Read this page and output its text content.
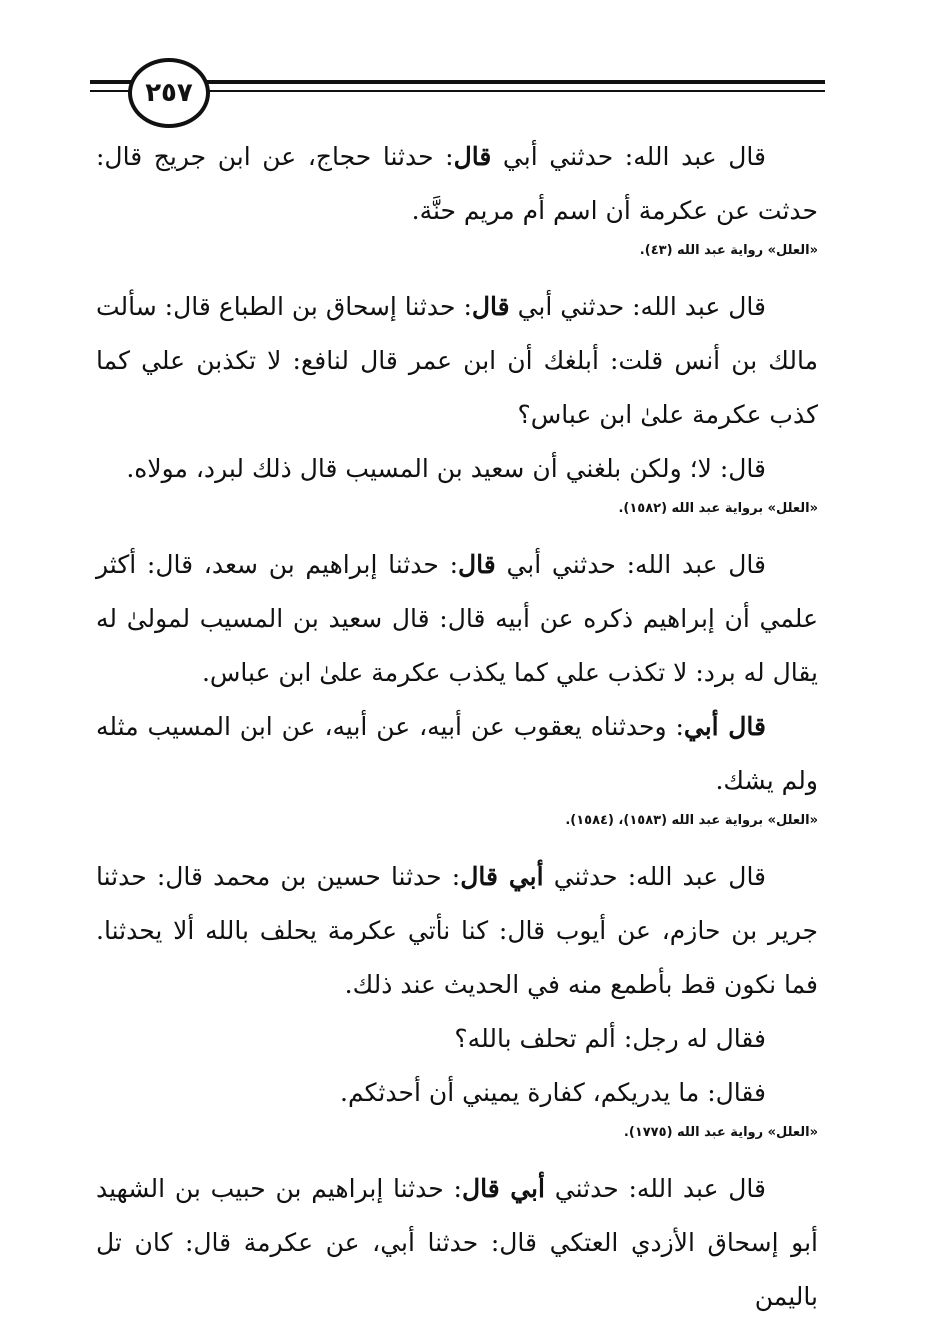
٢٥٧

قال عبد الله: حدثني أبي قال: حدثنا حجاج، عن ابن جريج قال: حدثت عن عكرمة أن اسم أم مريم حنَّة.

«العلل» رواية عبد الله (٤٣).

قال عبد الله: حدثني أبي قال: حدثنا إسحاق بن الطباع قال: سألت مالك بن أنس قلت: أبلغك أن ابن عمر قال لنافع: لا تكذبن علي كما كذب عكرمة علىٰ ابن عباس؟

قال: لا؛ ولكن بلغني أن سعيد بن المسيب قال ذلك لبرد، مولاه.

«العلل» برواية عبد الله (١٥٨٢).

قال عبد الله: حدثني أبي قال: حدثنا إبراهيم بن سعد، قال: أكثر علمي أن إبراهيم ذكره عن أبيه قال: قال سعيد بن المسيب لمولىٰ له يقال له برد: لا تكذب علي كما يكذب عكرمة علىٰ ابن عباس.

قال أبي: وحدثناه يعقوب عن أبيه، عن أبيه، عن ابن المسيب مثله ولم يشك.

«العلل» برواية عبد الله (١٥٨٣)، (١٥٨٤).

قال عبد الله: حدثني أبي قال: حدثنا حسين بن محمد قال: حدثنا جرير بن حازم، عن أيوب قال: كنا نأتي عكرمة يحلف بالله ألا يحدثنا. فما نكون قط بأطمع منه في الحديث عند ذلك.

فقال له رجل: ألم تحلف بالله؟

فقال: ما يدريكم، كفارة يميني أن أحدثكم.

«العلل» رواية عبد الله (١٧٧٥).

قال عبد الله: حدثني أبي قال: حدثنا إبراهيم بن حبيب بن الشهيد أبو إسحاق الأزدي العتكي قال: حدثنا أبي، عن عكرمة قال: كان تل باليمن
